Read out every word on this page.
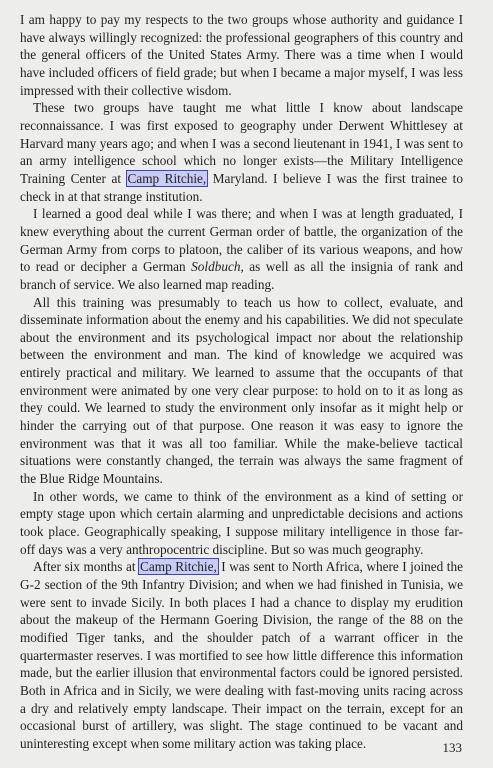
I am happy to pay my respects to the two groups whose authority and guidance I have always willingly recognized: the professional geographers of this country and the general officers of the United States Army. There was a time when I would have included officers of field grade; but when I became a major myself, I was less impressed with their collective wisdom.

These two groups have taught me what little I know about landscape reconnaissance. I was first exposed to geography under Derwent Whittlesey at Harvard many years ago; and when I was a second lieutenant in 1941, I was sent to an army intelligence school which no longer exists—the Military Intelligence Training Center at Camp Ritchie, Maryland. I believe I was the first trainee to check in at that strange institution.

I learned a good deal while I was there; and when I was at length graduated, I knew everything about the current German order of battle, the organization of the German Army from corps to platoon, the caliber of its various weapons, and how to read or decipher a German Soldbuch, as well as all the insignia of rank and branch of service. We also learned map reading.

All this training was presumably to teach us how to collect, evaluate, and disseminate information about the enemy and his capabilities. We did not speculate about the environment and its psychological impact nor about the relationship between the environment and man. The kind of knowledge we acquired was entirely practical and military. We learned to assume that the occupants of that environment were animated by one very clear purpose: to hold on to it as long as they could. We learned to study the environment only insofar as it might help or hinder the carrying out of that purpose. One reason it was easy to ignore the environment was that it was all too familiar. While the make-believe tactical situations were constantly changed, the terrain was always the same fragment of the Blue Ridge Mountains.

In other words, we came to think of the environment as a kind of setting or empty stage upon which certain alarming and unpredictable decisions and actions took place. Geographically speaking, I suppose military intelligence in those far-off days was a very anthropocentric discipline. But so was much geography.

After six months at Camp Ritchie, I was sent to North Africa, where I joined the G-2 section of the 9th Infantry Division; and when we had finished in Tunisia, we were sent to invade Sicily. In both places I had a chance to display my erudition about the makeup of the Hermann Goering Division, the range of the 88 on the modified Tiger tanks, and the shoulder patch of a warrant officer in the quartermaster reserves. I was mortified to see how little difference this information made, but the earlier illusion that environmental factors could be ignored persisted. Both in Africa and in Sicily, we were dealing with fast-moving units racing across a dry and relatively empty landscape. Their impact on the terrain, except for an occasional burst of artillery, was slight. The stage continued to be vacant and uninteresting except when some military action was taking place.	133
